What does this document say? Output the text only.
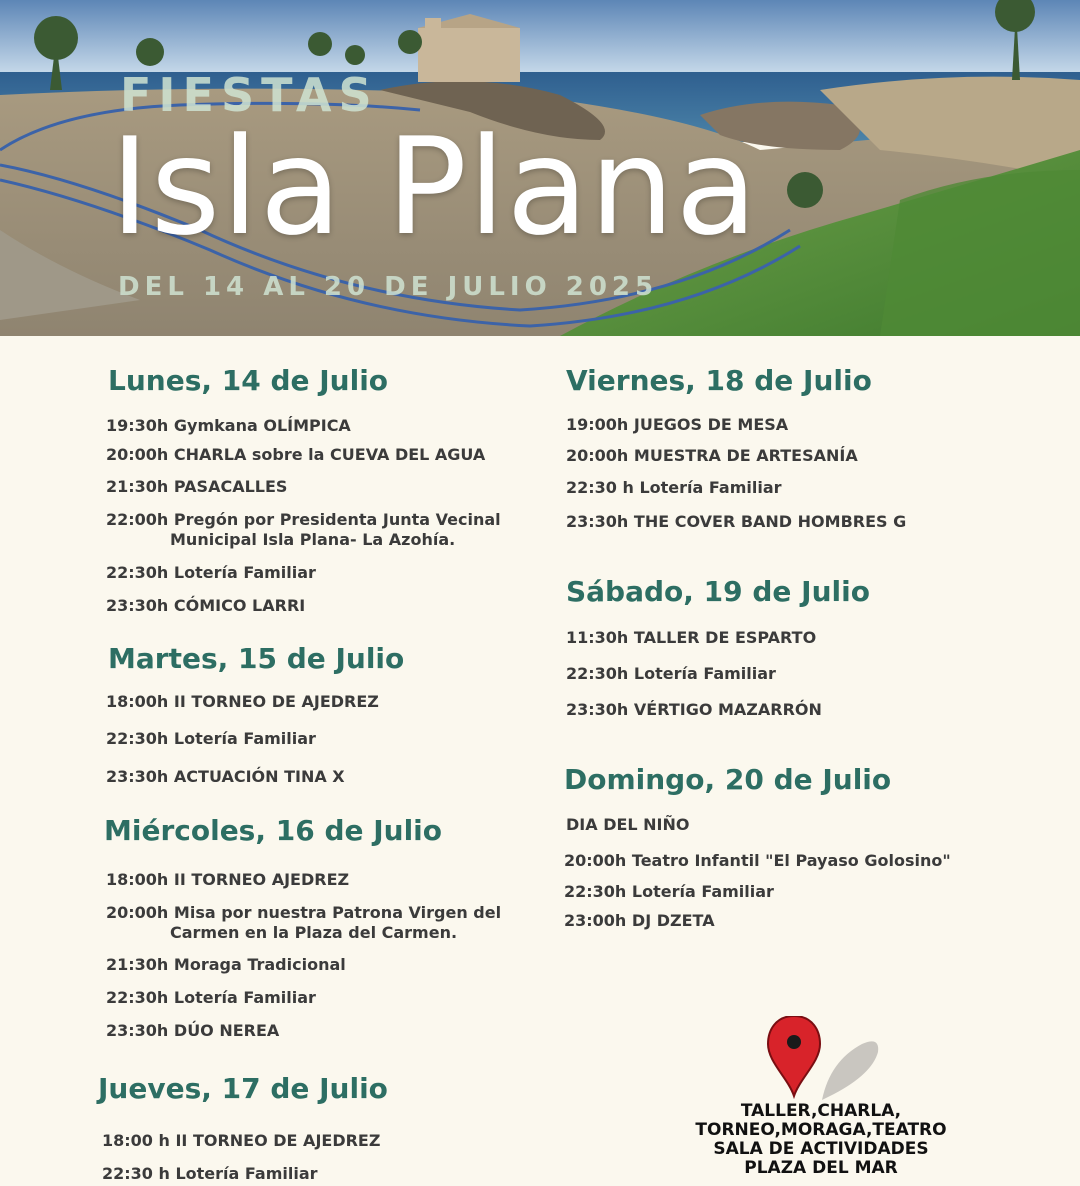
FIESTAS
Isla Plana
DEL 14 AL 20 DE JULIO 2025
Lunes, 14 de Julio
19:30h Gymkana OLÍMPICA
20:00h CHARLA sobre la CUEVA DEL AGUA
21:30h PASACALLES
22:00h Pregón por Presidenta Junta Vecinal
Municipal Isla Plana- La Azohía.
22:30h Lotería Familiar
23:30h CÓMICO LARRI
Martes, 15 de Julio
18:00h II TORNEO DE AJEDREZ
22:30h Lotería Familiar
23:30h ACTUACIÓN TINA X
Miércoles, 16 de Julio
18:00h II TORNEO AJEDREZ
20:00h Misa por nuestra Patrona Virgen del
Carmen en la Plaza del Carmen.
21:30h Moraga Tradicional
22:30h Lotería Familiar
23:30h DÚO NEREA
Jueves, 17 de Julio
18:00 h II TORNEO DE AJEDREZ
22:30 h Lotería Familiar
Viernes, 18 de Julio
19:00h JUEGOS DE MESA
20:00h MUESTRA DE ARTESANÍA
22:30 h Lotería Familiar
23:30h THE COVER BAND HOMBRES G
Sábado, 19 de Julio
11:30h TALLER DE ESPARTO
22:30h Lotería Familiar
23:30h VÉRTIGO MAZARRÓN
Domingo, 20 de Julio
DIA DEL NIÑO
20:00h Teatro Infantil "El Payaso Golosino"
22:30h Lotería Familiar
23:00h DJ DZETA
TALLER,CHARLA,
TORNEO,MORAGA,TEATRO
SALA DE ACTIVIDADES
PLAZA DEL MAR
